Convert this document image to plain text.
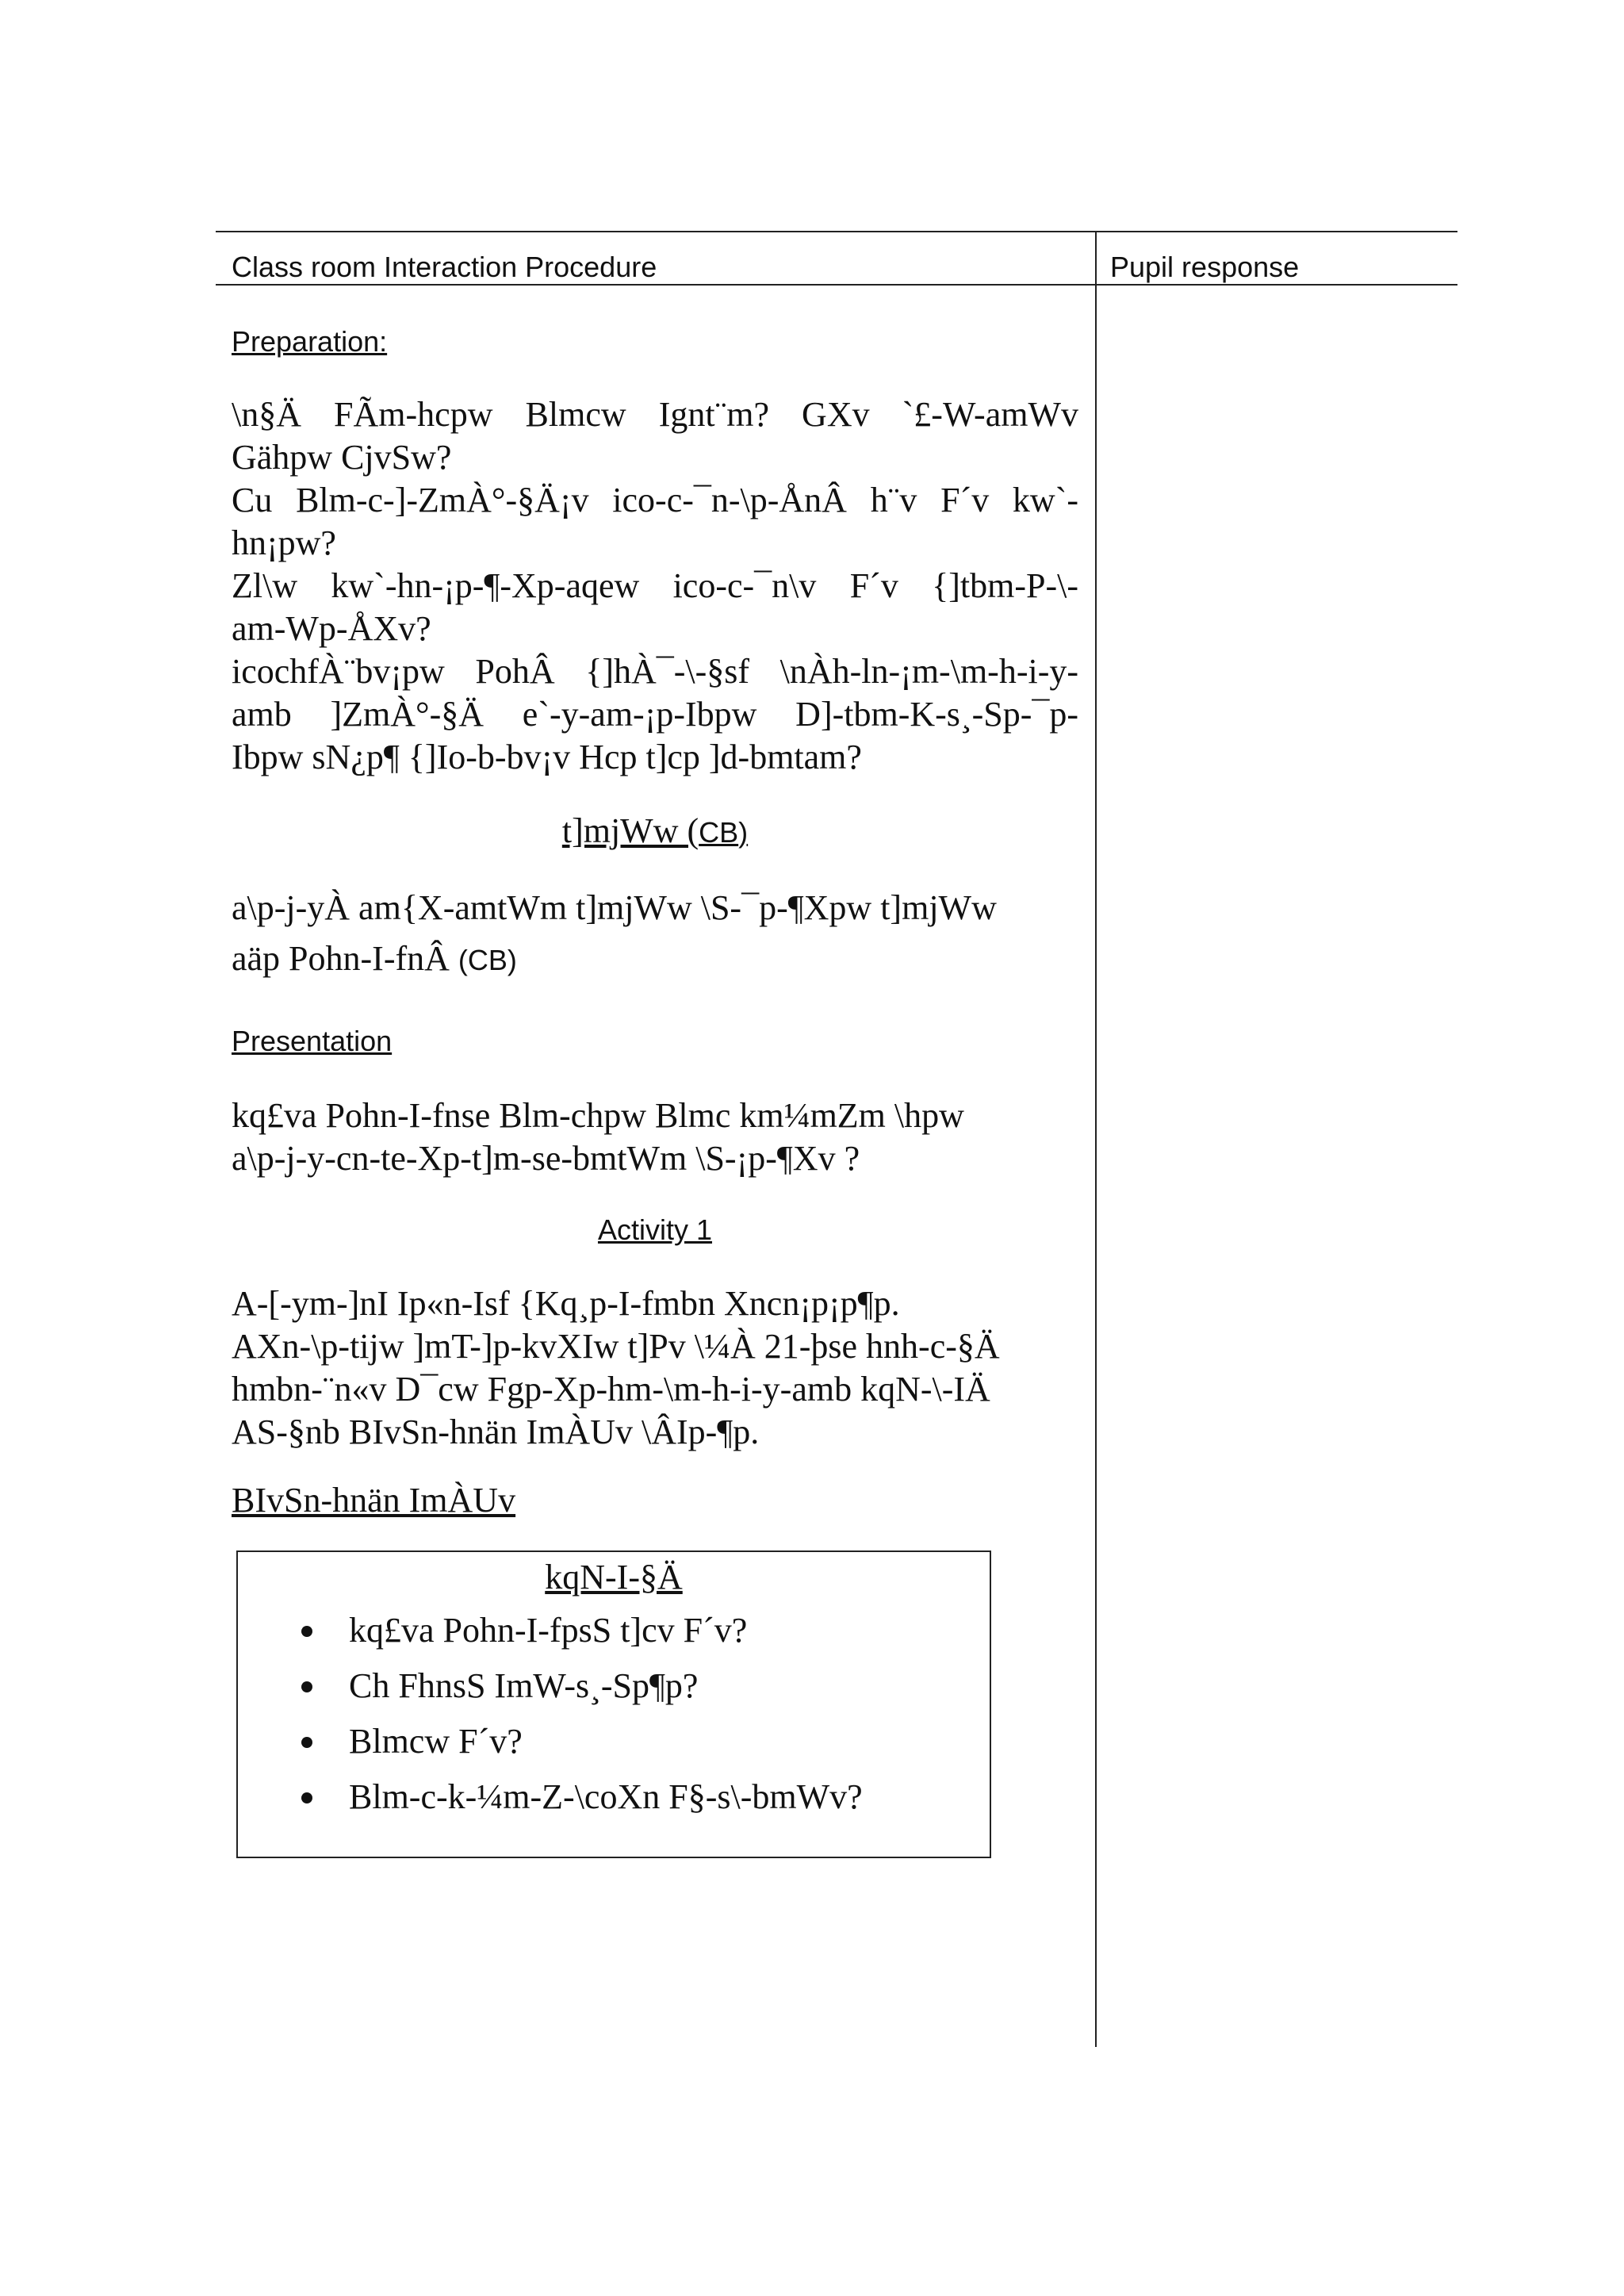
Class room Interaction Procedure	Pupil response
Preparation:
\n§Ä FÃm-hcpw Blmcw Ignt¨m? GXv `£-W-amWv
Gähpw CjvSw?
Cu Blm-c-]-ZmÀ°-§Ä¡v ico-c-¯n-\p-ÅnÂ h¨v F´v kw`-
hn¡pw?
Zl\w kw`-hn-¡p-¶-Xp-aqew ico-c-¯n\v F´v {]tbm-P-\-
am-Wp-ÅXv?
icochfÀ¨bv¡pw PohÂ {]hÀ¯-\-§sf \nÀh-ln-¡m-\m-h-i-y-
amb ]ZmÀ°-§Ä e`-y-am-¡p-Ibpw D]-tbm-K-s¸-Sp-¯p-
Ibpw sN¿p¶ {]Io-b-bv¡v Hcp t]cp ]d-bmtam?
t]mjWw (CB)
a\p-j-yÀ am{X-amtWm t]mjWw \S-¯p-¶Xpw t]mjWw
aäp Pohn-I-fnÂ (CB)
Presentation
kq£va Pohn-I-fnse Blm-chpw Blmc km¼mZm \hpw
a\p-j-y-cn-te-Xp-t]m-se-bmtWm \S-¡p-¶Xv ?
Activity 1
A-[-ym-]nI Ip«n-Isf {Kq¸p-I-fmbn Xncn¡p¡p¶p.
AXn-\p-tijw ]mT-]p-kvXIw t]Pv \¼À 21-þse hnh-c-§Ä
hmbn-¨n«v D¯cw Fgp-Xp-hm-\m-h-i-y-amb kqN-\-IÄ
AS-§nb BIvSn-hnän ImÀUv \ÂIp-¶p.
BIvSn-hnän ImÀUv
kqN-I-§Ä
kq£va Pohn-I-fpsS t]cv F´v?
Ch FhnsS ImW-s¸-Sp¶p?
Blmcw F´v?
Blm-c-k-¼m-Z-\coXn F§-s\-bmWv?
